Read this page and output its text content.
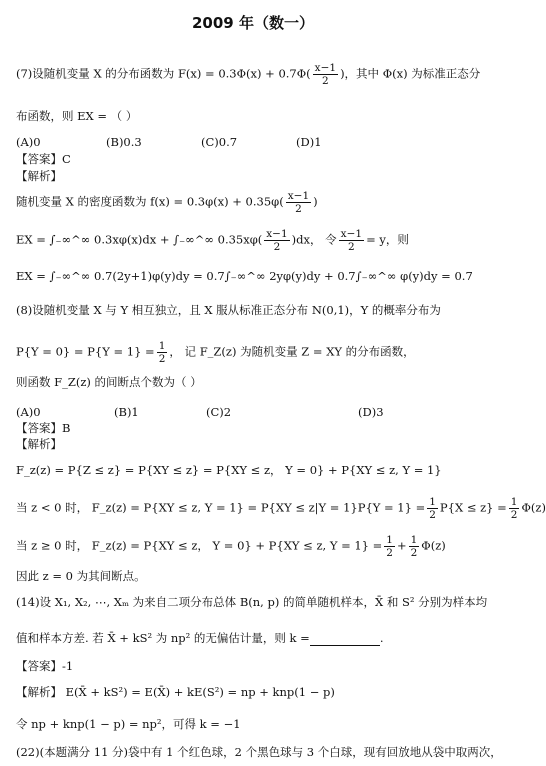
2009 年（数一）
(7)设随机变量 X 的分布函数为 $F(x) = 0.3\Phi(x) + 0.7\Phi( \frac{x-1}{2}$ )，其中 Φ(x) 为标准正态分
布函数，则 EX = （ ）
(A)0	(B)0.3	(C)0.7	(D)1
【答案】C
【解析】
随机变量 X 的密度函数为 $f(x) = 0.3\varphi(x) + 0.35\varphi( \frac{x-1}{2}$ )
EX = ∫₋∞^∞ 0.3xφ(x)dx + ∫₋∞^∞ $0.35x\varphi( \frac{x-1}{2} )dx$， 令 $\frac{x-1}{2} = y$，则
EX = ∫₋∞^∞ 0.7(2y+1)φ(y)dy = 0.7∫₋∞^∞ 2yφ(y)dy + 0.7∫₋∞^∞ φ(y)dy = 0.7
(8)设随机变量 X 与 Y 相互独立，且 X 服从标准正态分布 N(0,1)，Y 的概率分布为
$P\{Y = 0\} = P\{Y = 1\} = \frac{1}{2}$ ， 记 F_Z(z) 为随机变量 Z = XY 的分布函数，
则函数 F_Z(z) 的间断点个数为（ ）
(A)0	(B)1	(C)2	(D)3
【答案】B
【解析】
F_z(z) = P{Z ≤ z} = P{XY ≤ z} = P{XY ≤ z， Y = 0} + P{XY ≤ z, Y = 1}
当 z < 0 时， F_z(z) = P{XY ≤ z, $Y = 1\} = P\{XY \le z|Y = 1\}P\{Y = 1\} = \frac{1}{2} P\{X \le z\} = \frac{1}{2} \Phi(z)$
当 z ≥ 0 时， F_z(z) = P{XY ≤ z， Y = 0} + P{XY ≤ z, $Y = 1\} = \frac{1}{2} + \frac{1}{2} \Phi(z)$
因此 z = 0 为其间断点。
(14)设 X₁, X₂, ⋯, Xₘ 为来自二项分布总体 B(n, p) 的简单随机样本，X̄ 和 S² 分别为样本均
值和样本方差. 若 X̄ + kS² 为 np² 的无偏估计量，则 k =	.
【答案】-1
【解析】 E(X̄ + kS²) = E(X̄) + kE(S²) = np + knp(1 − p)
令 np + knp(1 − p) = np²，可得 k = −1
(22)(本题满分 11 分)袋中有 1 个红色球，2 个黑色球与 3 个白球，现有回放地从袋中取两次，
